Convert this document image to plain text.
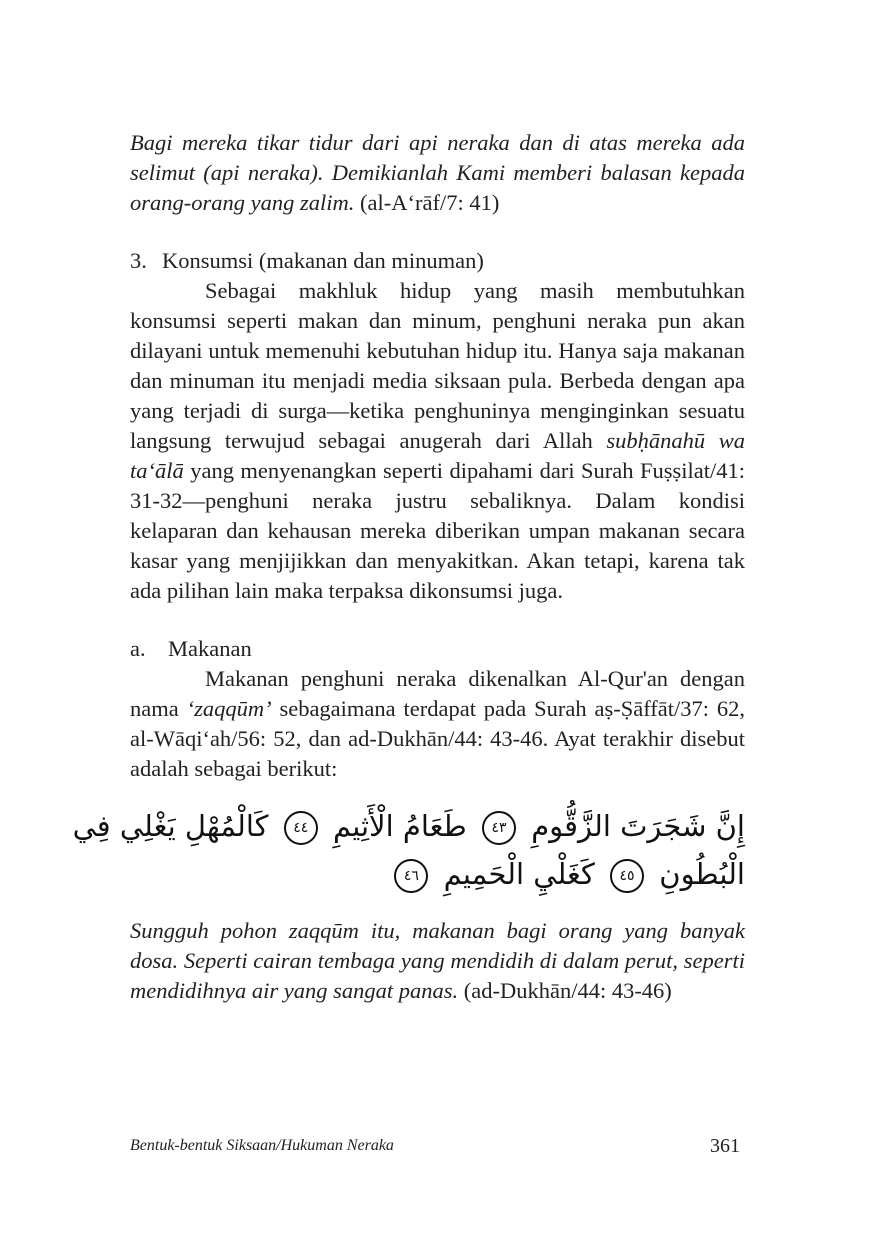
Bagi mereka tikar tidur dari api neraka dan di atas mereka ada selimut (api neraka). Demikianlah Kami memberi balasan kepada orang-orang yang zalim. (al-A‘rāf/7: 41)

3. Konsumsi (makanan dan minuman)

Sebagai makhluk hidup yang masih membutuhkan konsumsi seperti makan dan minum, penghuni neraka pun akan dilayani untuk memenuhi kebutuhan hidup itu. Hanya saja makanan dan minuman itu menjadi media siksaan pula. Berbeda dengan apa yang terjadi di surga—ketika penghuninya menginginkan sesuatu langsung terwujud sebagai anugerah dari Allah subḥānahū wa ta‘ālā yang menyenangkan seperti dipahami dari Surah Fuṣṣilat/41: 31-32—penghuni neraka justru sebaliknya. Dalam kondisi kelaparan dan kehausan mereka diberikan umpan makanan secara kasar yang menjijikkan dan menyakitkan. Akan tetapi, karena tak ada pilihan lain maka terpaksa dikonsumsi juga.

a. Makanan

Makanan penghuni neraka dikenalkan Al-Qur'an dengan nama ‘zaqqūm’ sebagaimana terdapat pada Surah aṣ-Ṣāffāt/37: 62, al-Wāqi‘ah/56: 52, dan ad-Dukhān/44: 43-46. Ayat terakhir disebut adalah sebagai berikut:

إِنَّ شَجَرَتَ الزَّقُّومِ ٤٣ طَعَامُ الْأَثِيمِ ٤٤ كَالْمُهْلِ يَغْلِي فِي
الْبُطُونِ ٤٥ كَغَلْيِ الْحَمِيمِ ٤٦

Sungguh pohon zaqqūm itu, makanan bagi orang yang banyak dosa. Seperti cairan tembaga yang mendidih di dalam perut, seperti mendidihnya air yang sangat panas. (ad-Dukhān/44: 43-46)

Bentuk-bentuk Siksaan/Hukuman Neraka	361
